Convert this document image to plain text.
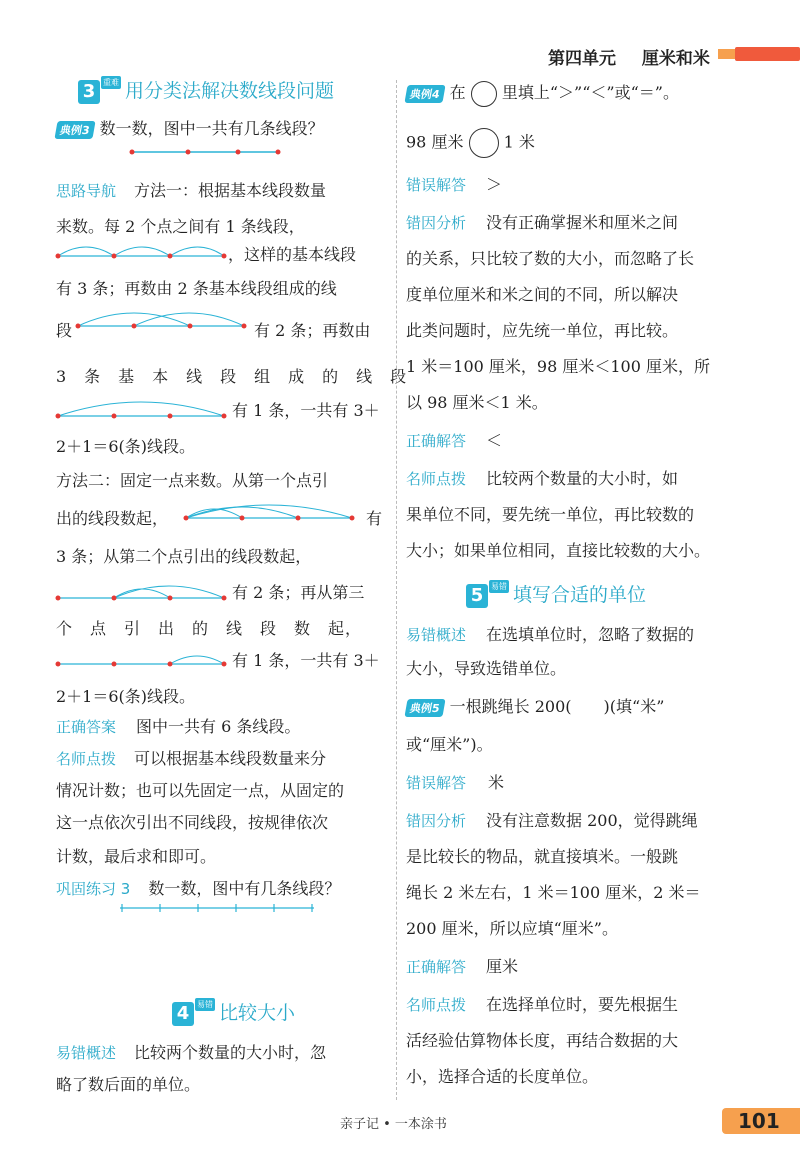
第四单元 厘米和米
3 重难 用分类法解决数线段问题
典例3 数一数，图中一共有几条线段？
思路导航 方法一：根据基本线段数量
来数。每 2 个点之间有 1 条线段，
，这样的基本线段
有 3 条；再数由 2 条基本线段组成的线
段	有 2 条；再数由
3　条　基　本　线　段　组　成　的　线　段
有 1 条，一共有 3＋
2＋1＝6(条)线段。
方法二：固定一点来数。从第一个点引
出的线段数起，	有
3 条；从第二个点引出的线段数起，
有 2 条；再从第三
个　点　引　出　的　线　段　数　起，
有 1 条，一共有 3＋
2＋1＝6(条)线段。
正确答案 图中一共有 6 条线段。
名师点拨 可以根据基本线段数量来分
情况计数；也可以先固定一点，从固定的
这一点依次引出不同线段，按规律依次
计数，最后求和即可。
巩固练习 3 数一数，图中有几条线段？
4 易错 比较大小
易错概述 比较两个数量的大小时，忽
略了数后面的单位。
典例4 在 里填上“＞”“＜”或“＝”。
98 厘米	1 米
错误解答 ＞
错因分析 没有正确掌握米和厘米之间
的关系，只比较了数的大小，而忽略了长
度单位厘米和米之间的不同，所以解决
此类问题时，应先统一单位，再比较。
1 米＝100 厘米，98 厘米＜100 厘米，所
以 98 厘米＜1 米。
正确解答 ＜
名师点拨 比较两个数量的大小时，如
果单位不同，要先统一单位，再比较数的
大小；如果单位相同，直接比较数的大小。
5 易错 填写合适的单位
易错概述 在选填单位时，忽略了数据的
大小，导致选错单位。
典例5 一根跳绳长 200(　　)(填“米”
或“厘米”)。
错误解答 米
错因分析 没有注意数据 200，觉得跳绳
是比较长的物品，就直接填米。一般跳
绳长 2 米左右，1 米＝100 厘米，2 米＝
200 厘米，所以应填“厘米”。
正确解答 厘米
名师点拨 在选择单位时，要先根据生
活经验估算物体长度，再结合数据的大
小，选择合适的长度单位。
亲子记 • 一本涂书	101
